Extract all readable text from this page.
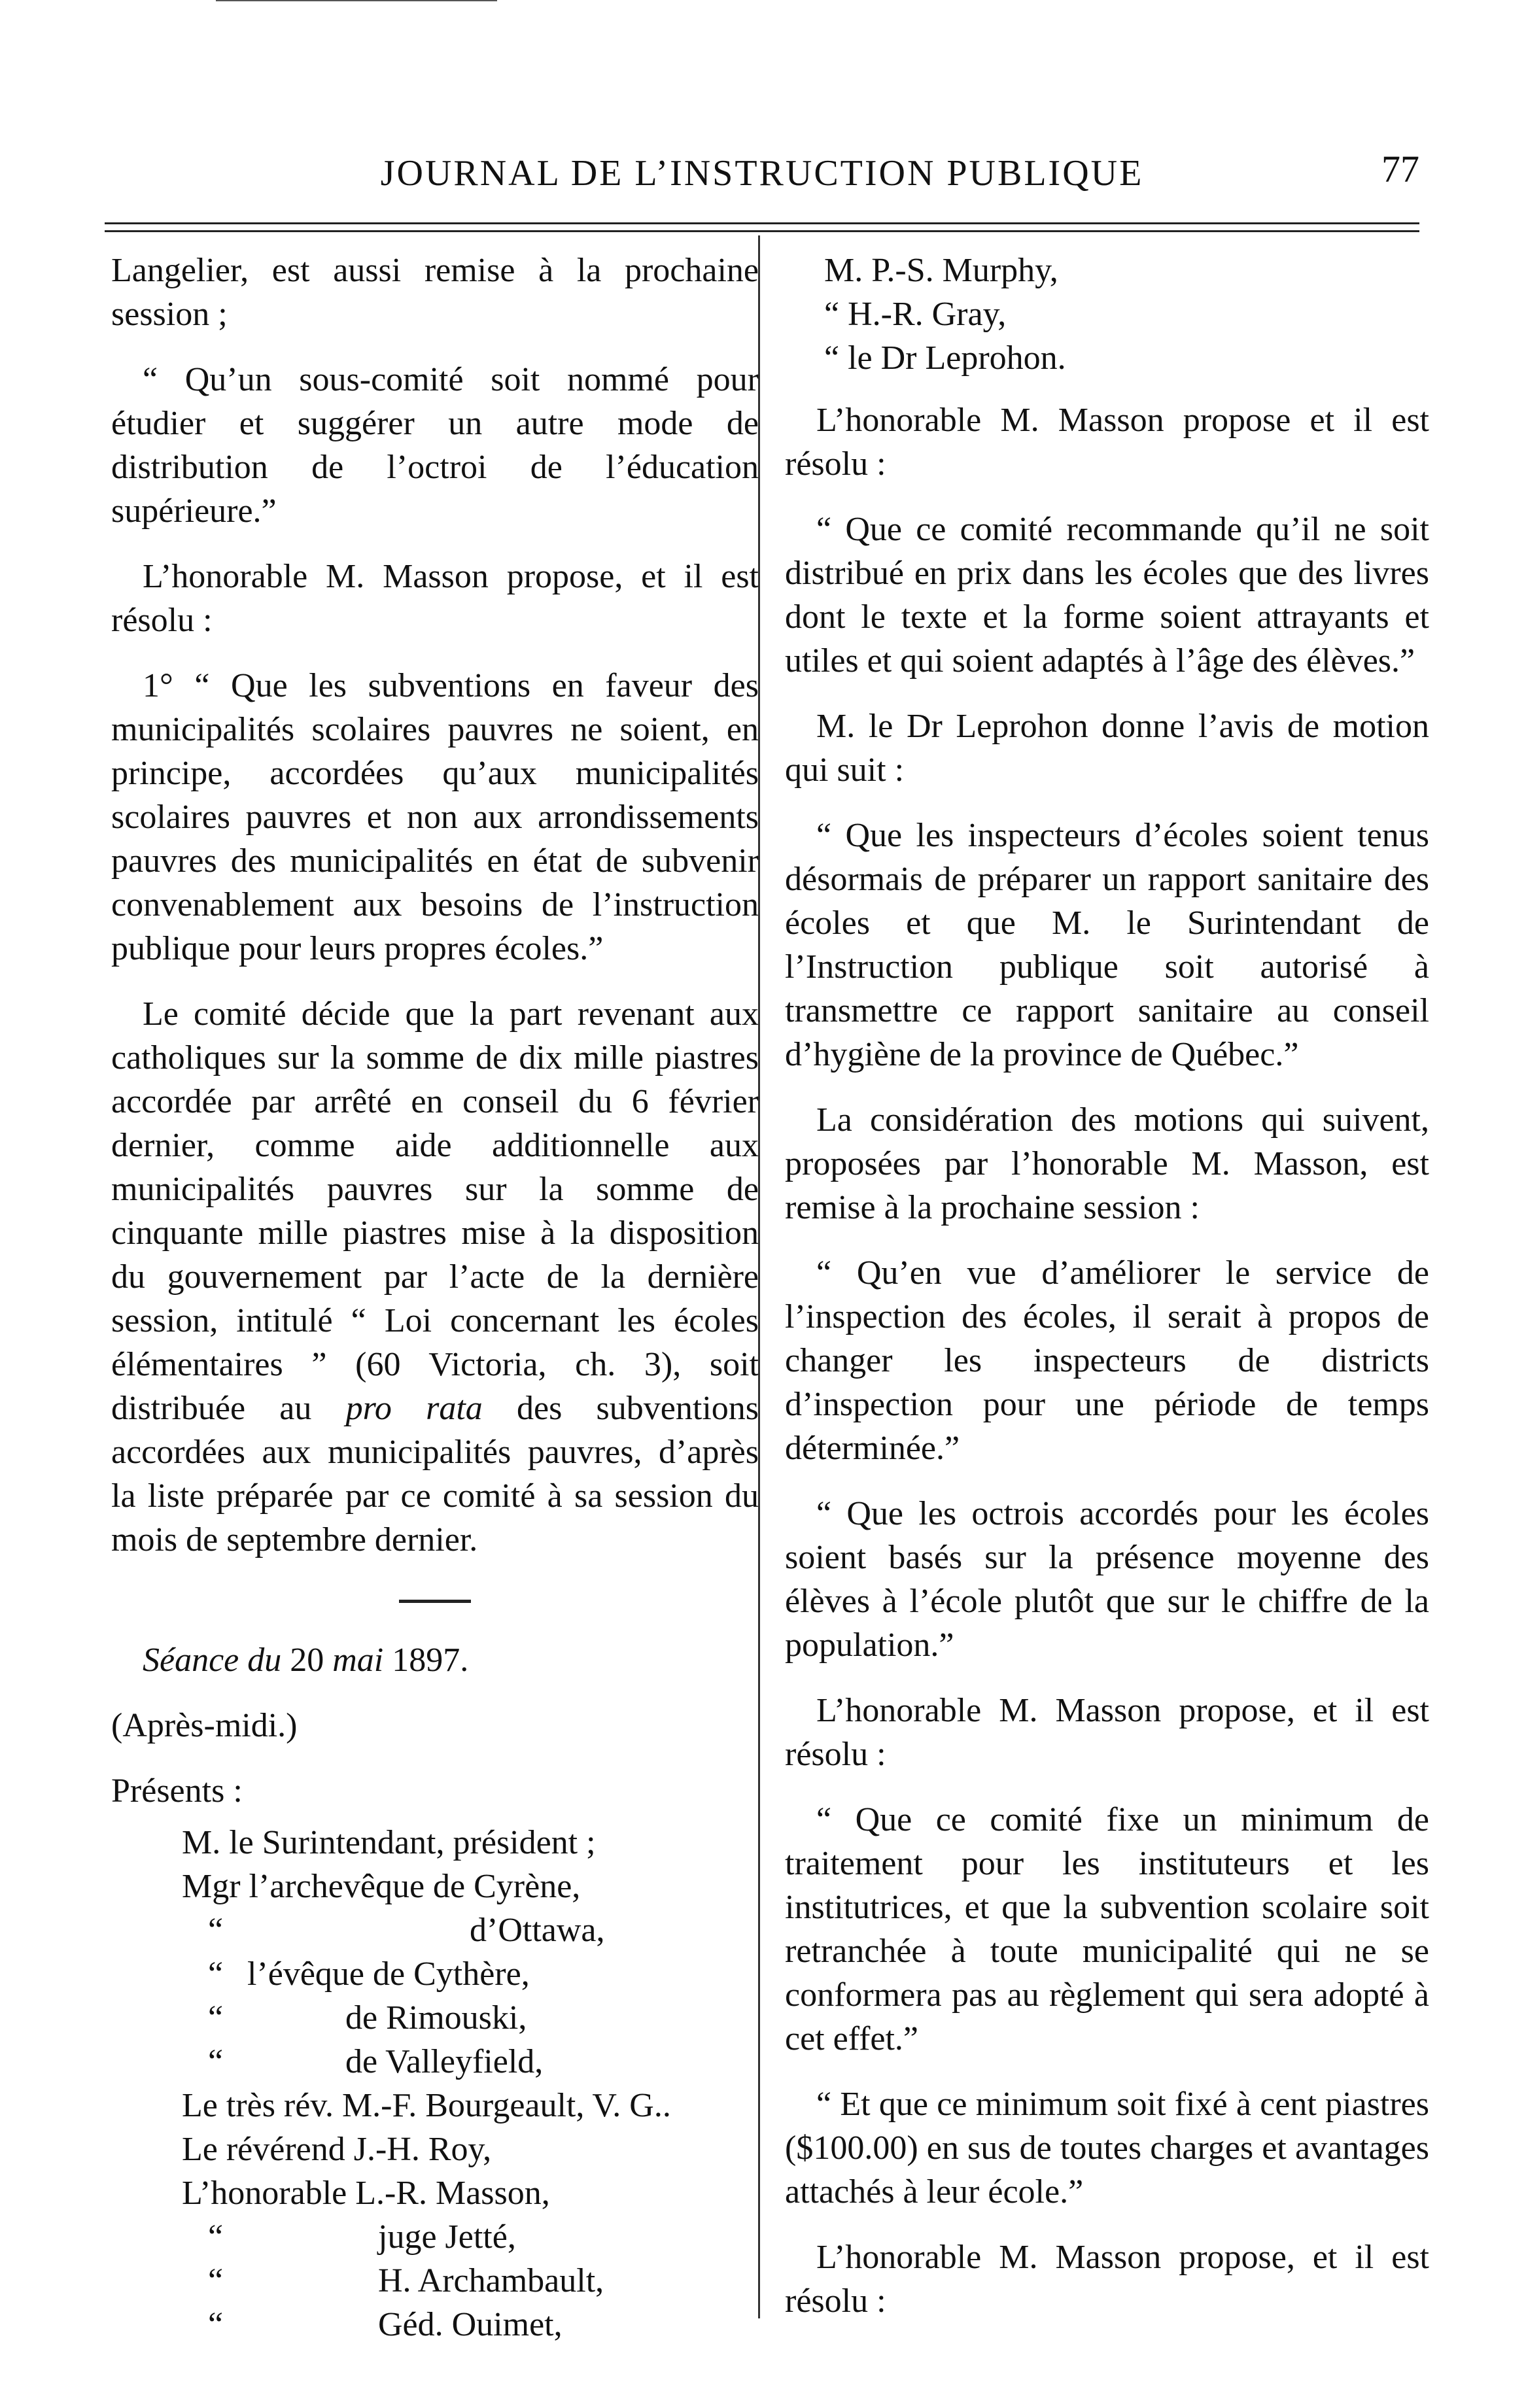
JOURNAL DE L’INSTRUCTION PUBLIQUE	77

Langelier, est aussi remise à la prochaine session ;

“ Qu’un sous-comité soit nommé pour étudier et suggérer un autre mode de distribution de l’octroi de l’éducation supérieure.”

L’honorable M. Masson propose, et il est résolu :

1° “ Que les subventions en faveur des municipalités scolaires pauvres ne soient, en principe, accordées qu’aux municipalités scolaires pauvres et non aux arrondissements pauvres des municipalités en état de subvenir convenablement aux besoins de l’instruction publique pour leurs propres écoles.”

Le comité décide que la part revenant aux catholiques sur la somme de dix mille piastres accordée par arrêté en conseil du 6 février dernier, comme aide additionnelle aux municipalités pauvres sur la somme de cinquante mille piastres mise à la disposition du gouvernement par l’acte de la dernière session, intitulé “ Loi concernant les écoles élémentaires ” (60 Victoria, ch. 3), soit distribuée au pro rata des subventions accordées aux municipalités pauvres, d’après la liste préparée par ce comité à sa session du mois de septembre dernier.

Séance du 20 mai 1897.

(Après-midi.)

Présents :

M. le Surintendant, président ;
Mgr l’archevêque de Cyrène,
“	d’Ottawa,
“ l’évêque de Cythère,
“	de Rimouski,
“	de Valleyfield,
Le très rév. M.-F. Bourgeault, V. G..
Le révérend J.-H. Roy,
L’honorable L.-R. Masson,
“	juge Jetté,
“	H. Archambault,
“	Géd. Ouimet,
M. P.-S. Murphy,
“ H.-R. Gray,
“ le Dr Leprohon.

L’honorable M. Masson propose et il est résolu :

“ Que ce comité recommande qu’il ne soit distribué en prix dans les écoles que des livres dont le texte et la forme soient attrayants et utiles et qui soient adaptés à l’âge des élèves.”

M. le Dr Leprohon donne l’avis de motion qui suit :

“ Que les inspecteurs d’écoles soient tenus désormais de préparer un rapport sanitaire des écoles et que M. le Surintendant de l’Instruction publique soit autorisé à transmettre ce rapport sanitaire au conseil d’hygiène de la province de Québec.”

La considération des motions qui suivent, proposées par l’honorable M. Masson, est remise à la prochaine session :

“ Qu’en vue d’améliorer le service de l’inspection des écoles, il serait à propos de changer les inspecteurs de districts d’inspection pour une période de temps déterminée.”

“ Que les octrois accordés pour les écoles soient basés sur la présence moyenne des élèves à l’école plutôt que sur le chiffre de la population.”

L’honorable M. Masson propose, et il est résolu :

“ Que ce comité fixe un minimum de traitement pour les instituteurs et les institutrices, et que la subvention scolaire soit retranchée à toute municipalité qui ne se conformera pas au règlement qui sera adopté à cet effet.”

“ Et que ce minimum soit fixé à cent piastres ($100.00) en sus de toutes charges et avantages attachés à leur école.”

L’honorable M. Masson propose, et il est résolu :
